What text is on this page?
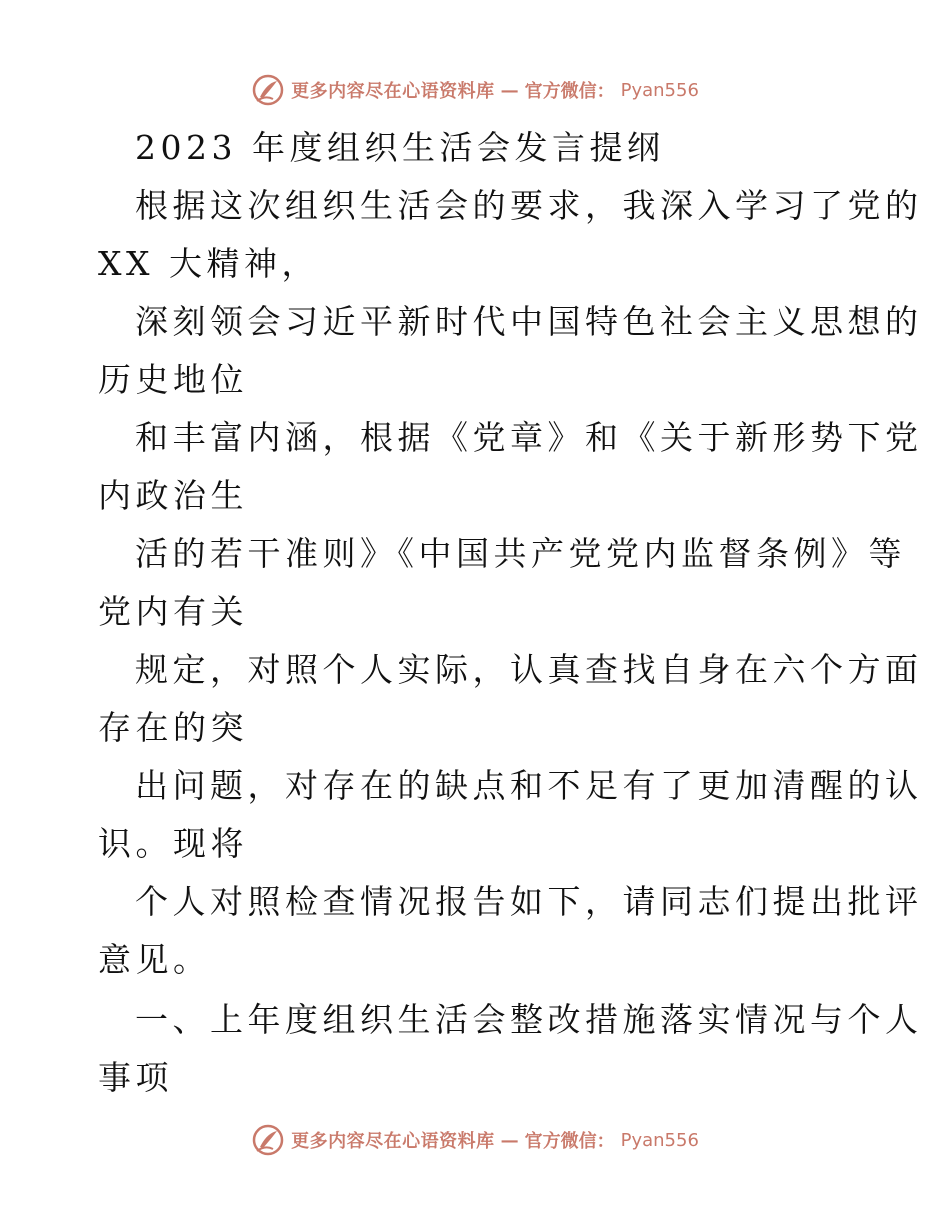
更多内容尽在心语资料库 — 官方微信： Pyan556

2023 年度组织生活会发言提纲

根据这次组织生活会的要求，我深入学习了党的

XX 大精神，

深刻领会习近平新时代中国特色社会主义思想的

历史地位

和丰富内涵，根据《党章》和《关于新形势下党

内政治生

活的若干准则》《中国共产党党内监督条例》等

党内有关

规定，对照个人实际，认真查找自身在六个方面

存在的突

出问题，对存在的缺点和不足有了更加清醒的认

识。现将

个人对照检查情况报告如下，请同志们提出批评

意见。

一、上年度组织生活会整改措施落实情况与个人

事项

更多内容尽在心语资料库 — 官方微信： Pyan556
